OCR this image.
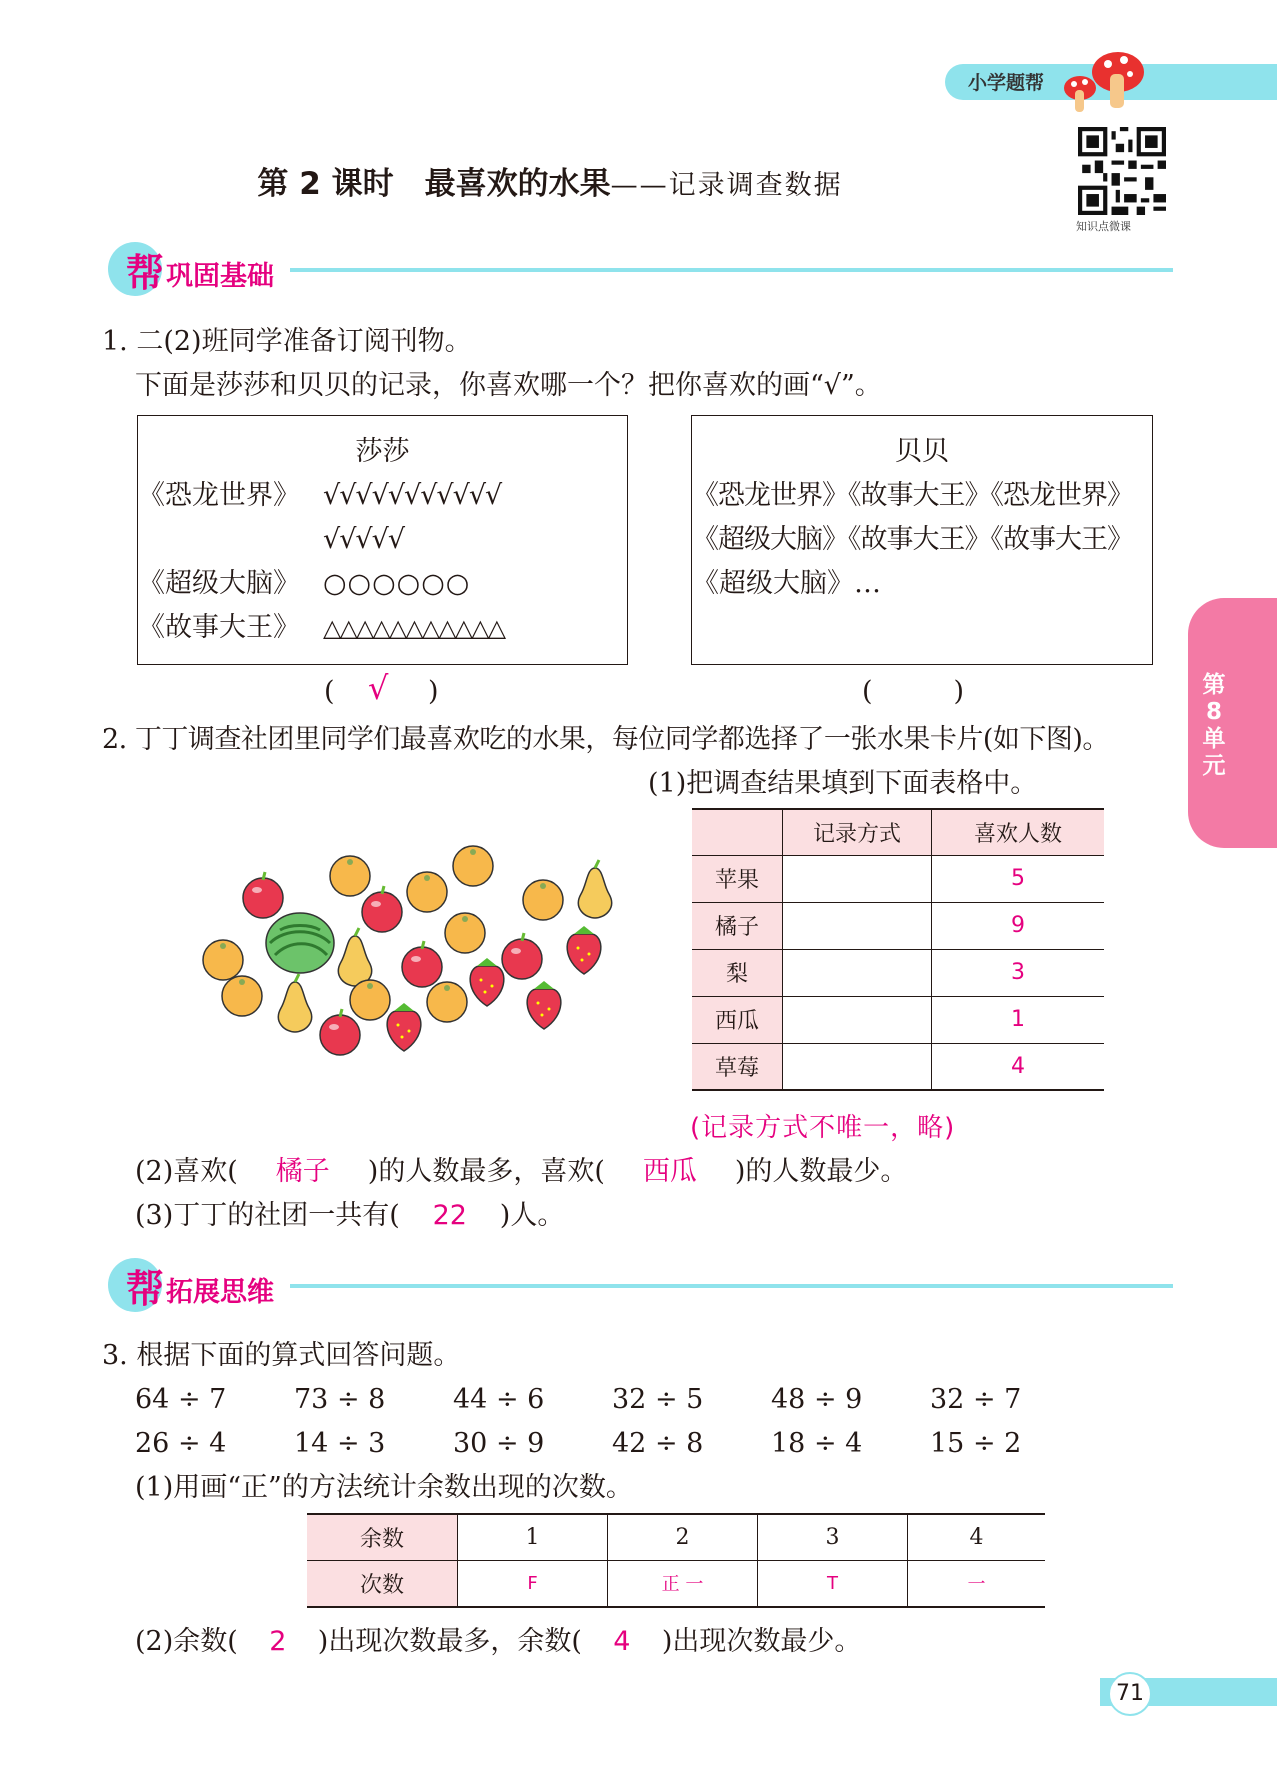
小学题帮
第 2 课时　最喜欢的水果——记录调查数据
知识点微课
帮 巩固基础
1. 二(2)班同学准备订阅刊物。
下面是莎莎和贝贝的记录，你喜欢哪一个？把你喜欢的画“√”。
莎莎
《恐龙世界》 √√√√√√√√√√√
√√√√√
《超级大脑》 ○○○○○○
《故事大王》 △△△△△△△△△△△
贝贝
《恐龙世界》《故事大王》《恐龙世界》
《超级大脑》《故事大王》《故事大王》
《超级大脑》…
( √ )	(　　　)	第8单元
2. 丁丁调查社团里同学们最喜欢吃的水果，每位同学都选择了一张水果卡片(如下图)。
(1)把调查结果填到下面表格中。
	记录方式	喜欢人数
苹果		5
橘子		9
梨		3
西瓜		1
草莓		4
(记录方式不唯一，略)
(2)喜欢( 橘子 )的人数最多，喜欢( 西瓜 )的人数最少。
(3)丁丁的社团一共有( 22 )人。
帮 拓展思维
3. 根据下面的算式回答问题。
64 ÷ 7	73 ÷ 8	44 ÷ 6	32 ÷ 5	48 ÷ 9	32 ÷ 7
26 ÷ 4	14 ÷ 3	30 ÷ 9	42 ÷ 8	18 ÷ 4	15 ÷ 2
(1)用画“正”的方法统计余数出现的次数。
余数	1	2	3	4
次数	F	正 一	T	一
(2)余数( 2 )出现次数最多，余数( 4 )出现次数最少。
71
